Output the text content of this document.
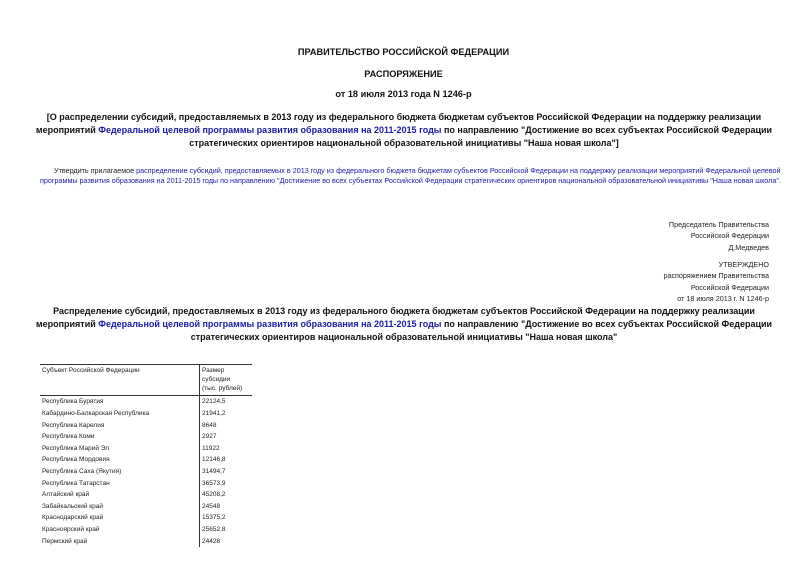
ПРАВИТЕЛЬСТВО РОССИЙСКОЙ ФЕДЕРАЦИИ
РАСПОРЯЖЕНИЕ
от 18 июля 2013 года N 1246-р
[О распределении субсидий, предоставляемых в 2013 году из федерального бюджета бюджетам субъектов Российской Федерации на поддержку реализации мероприятий Федеральной целевой программы развития образования на 2011-2015 годы по направлению "Достижение во всех субъектах Российской Федерации стратегических ориентиров национальной образовательной инициативы "Наша новая школа"]
Утвердить прилагаемое распределение субсидий, предоставляемых в 2013 году из федерального бюджета бюджетам субъектов Российской Федерации на поддержку реализации мероприятий Федеральной целевой программы развития образования на 2011-2015 годы по направлению "Достижение во всех субъектах Российской Федерации стратегических ориентиров национальной образовательной инициативы "Наша новая школа".
Председатель Правительства
Российской Федерации
Д.Медведев
УТВЕРЖДЕНО
распоряжением Правительства
Российской Федерации
от 18 июля 2013 г. N 1246-р
Распределение субсидий, предоставляемых в 2013 году из федерального бюджета бюджетам субъектов Российской Федерации на поддержку реализации мероприятий Федеральной целевой программы развития образования на 2011-2015 годы по направлению "Достижение во всех субъектах Российской Федерации стратегических ориентиров национальной образовательной инициативы "Наша новая школа"
Субъект Российской Федерации	Размер
субсидии
(тыс. рублей)

Республика Бурятия	22124,5
Кабардино-Балкарская Республика	21941,2
Республика Карелия	8648
Республика Коми	2927
Республика Марий Эл	11922
Республика Мордовия	12146,8
Республика Саха (Якутия)	31494,7
Республика Татарстан	36573,9
Алтайский край	45208,2
Забайкальский край	24548
Краснодарский край	15375,2
Красноярский край	25652,8
Пермский край	24428
